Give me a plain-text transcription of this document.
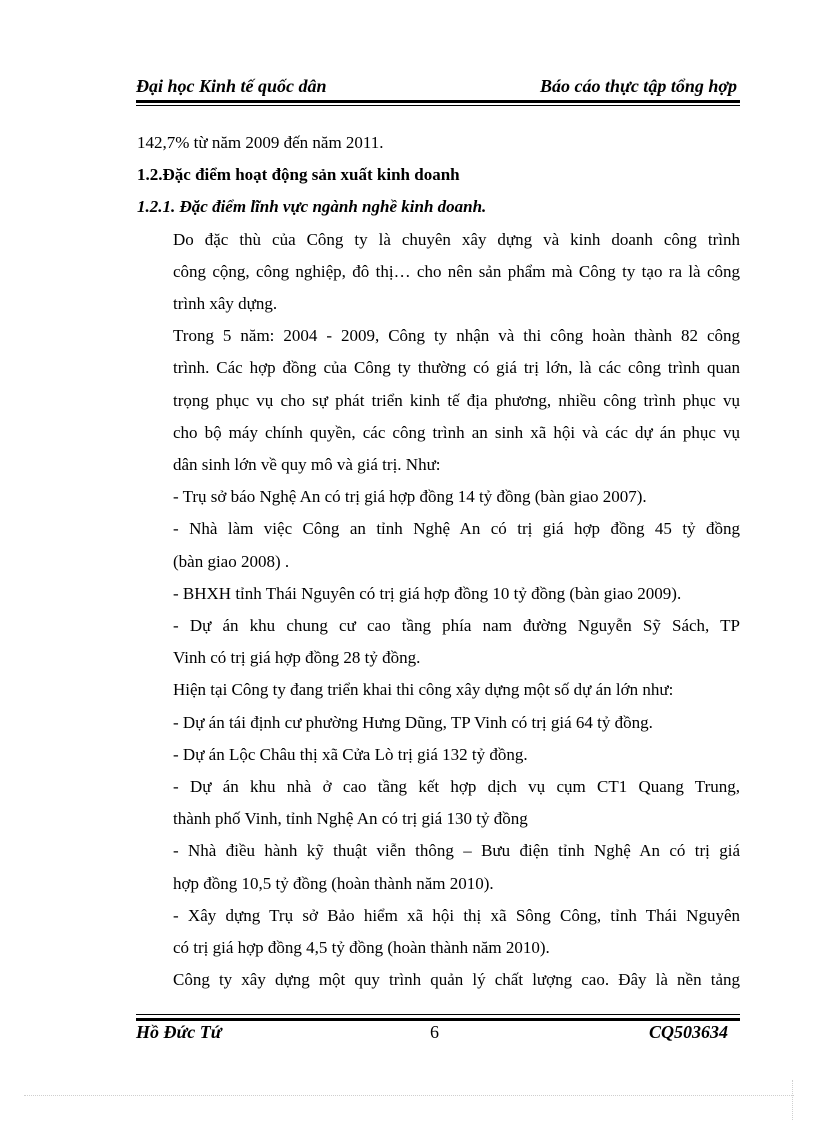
Đại học Kinh tế quốc dân	Báo cáo thực tập tổng hợp

142,7% từ năm 2009 đến năm 2011.

1.2.Đặc điểm hoạt động sản xuất kinh doanh

1.2.1. Đặc điểm lĩnh vực ngành nghề kinh doanh.

Do đặc thù của Công ty là chuyên xây dựng và kinh doanh công trình
công cộng, công nghiệp, đô thị… cho nên sản phẩm mà Công ty tạo ra là công
trình xây dựng.

Trong 5 năm: 2004 - 2009, Công ty nhận và thi công hoàn thành 82 công
trình. Các hợp đồng của Công ty thường có giá trị lớn, là các công trình quan
trọng phục vụ cho sự phát triển kinh tế địa phương, nhiều công trình phục vụ
cho bộ máy chính quyền, các công trình an sinh xã hội và các dự án phục vụ
dân sinh lớn về quy mô và giá trị. Như:

- Trụ sở báo Nghệ An có trị giá hợp đồng 14 tỷ đồng (bàn giao 2007).

- Nhà làm việc Công an tỉnh Nghệ An có trị giá hợp đồng 45 tỷ đồng
(bàn giao 2008) .

- BHXH tỉnh Thái Nguyên có trị giá hợp đồng 10 tỷ đồng (bàn giao 2009).

- Dự án khu chung cư cao tầng phía nam đường Nguyễn Sỹ Sách, TP
Vinh có trị giá hợp đồng 28 tỷ đồng.

Hiện tại Công ty đang triển khai thi công xây dựng một số dự án lớn như:

- Dự án tái định cư phường Hưng Dũng, TP Vinh có trị giá 64 tỷ đồng.

- Dự án Lộc Châu thị xã Cửa Lò trị giá 132 tỷ đồng.

- Dự án khu nhà ở cao tầng kết hợp dịch vụ cụm CT1 Quang Trung,
thành phố Vinh, tỉnh Nghệ An có trị giá 130 tỷ đồng

- Nhà điều hành kỹ thuật viễn thông – Bưu điện tỉnh Nghệ An có trị giá
hợp đồng 10,5 tỷ đồng (hoàn thành năm 2010).

- Xây dựng Trụ sở Bảo hiểm xã hội thị xã Sông Công, tỉnh Thái Nguyên
có trị giá hợp đồng 4,5 tỷ đồng (hoàn thành năm 2010).

Công ty xây dựng một quy trình quản lý chất lượng cao. Đây là nền tảng

Hồ Đức Tứ	6	CQ503634
